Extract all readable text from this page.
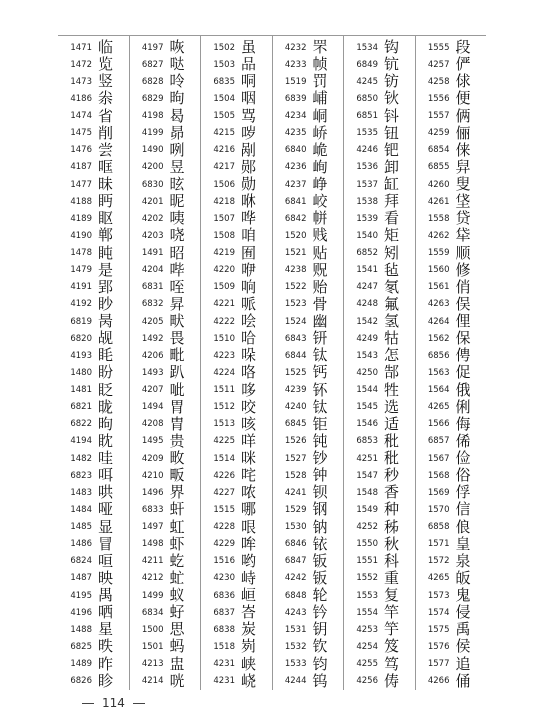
1471 临
1472 览
1473 竖
4186 尜
1474 省
1475 削
1476 尝
4187 哐
1477 昧
4188 眄
4189 眍
4190 郸
1478 盹
1479 是
4191 郢
4192 眇
6819 昺
6820 觇
4193 眊
1480 盼
1481 眨
6821 昽
6822 昫
4194 眈
1482 哇
6823 咡
1483 哄
1484 哑
1485 显
1486 冒
6824 咺
1487 映
4195 禺
4196 哂
1488 星
6825 昳
1489 昨
6826 眕
4197 咴
6827 哒
6828 呤
6829 昫
4198 曷
4199 昴
1490 咧
4200 昱
6830 昡
4201 昵
4202 咦
4203 哓
1491 昭
4204 哔
6831 咥
6832 昇
4205 畎
1492 畏
4206 毗
1493 趴
4207 呲
1494 胃
4208 胄
1495 贵
4209 畋
4210 畈
1496 界
6833 虷
1497 虹
1498 虾
4211 虼
4212 虻
1499 蚁
6834 虸
1500 思
1501 蚂
4213 盅
4214 咣
1502 虽
1503 品
6835 哃
1504 咽
1505 骂
4215 哕
4216 剐
4217 郧
1506 勋
4218 咻
1507 哗
1508 咱
4219 囿
4220 咿
1509 响
4221 哌
4222 哙
1510 哈
4223 哚
4224 咯
1511 哆
1512 咬
1513 咳
4225 咩
1514 咪
4226 咤
4227 哝
1515 哪
4228 哏
4229 哞
1516 哟
4230 峙
6836 峘
6837 峇
6838 炭
1518 峛
4231 峡
4231 峣
4232 罘
4233 帧
1519 罚
6839 峬
4234 峒
4235 峤
6840 峗
4236 峋
4237 峥
6841 峧
6842 帡
1520 贱
1521 贴
4238 贶
1522 贻
1523 骨
1524 幽
6843 钘
6844 钛
1525 钙
4239 钚
4240 钛
6845 钜
1526 钝
1527 钞
1528 钟
4241 钡
1529 钢
1530 钠
6846 铱
6847 钣
4242 钣
6848 轮
4243 钤
1531 钥
1532 钦
1533 钧
4244 钨
1534 钩
6849 钪
4245 钫
6850 钬
6851 钭
1535 钮
4246 钯
1536 卸
1537 缸
1538 拜
1539 看
1540 矩
6852 矧
1541 毡
4247 氡
4248 氟
1542 氢
4249 牯
1543 怎
4250 郜
1544 牲
1545 选
1546 适
6853 秕
4251 秕
1547 秒
1548 香
1549 种
4252 秭
1550 秋
1551 科
1552 重
1553 复
1554 竿
4253 竽
4254 笈
4255 笃
4256 俦
1555 段
4257 俨
4258 俅
1556 便
1557 俩
4259 俪
6854 俫
6855 舁
4260 叟
4261 垡
1558 贷
4262 牮
1559 顺
1560 修
1561 俏
4263 俣
4264 俚
1562 保
6856 俜
1563 促
1564 俄
4265 俐
1566 侮
6857 俙
1567 俭
1568 俗
1569 俘
1570 信
6858 俍
1571 皇
1572 泉
4265 皈
1573 鬼
1574 侵
1575 禹
1576 侯
1577 追
4266 俑
114
